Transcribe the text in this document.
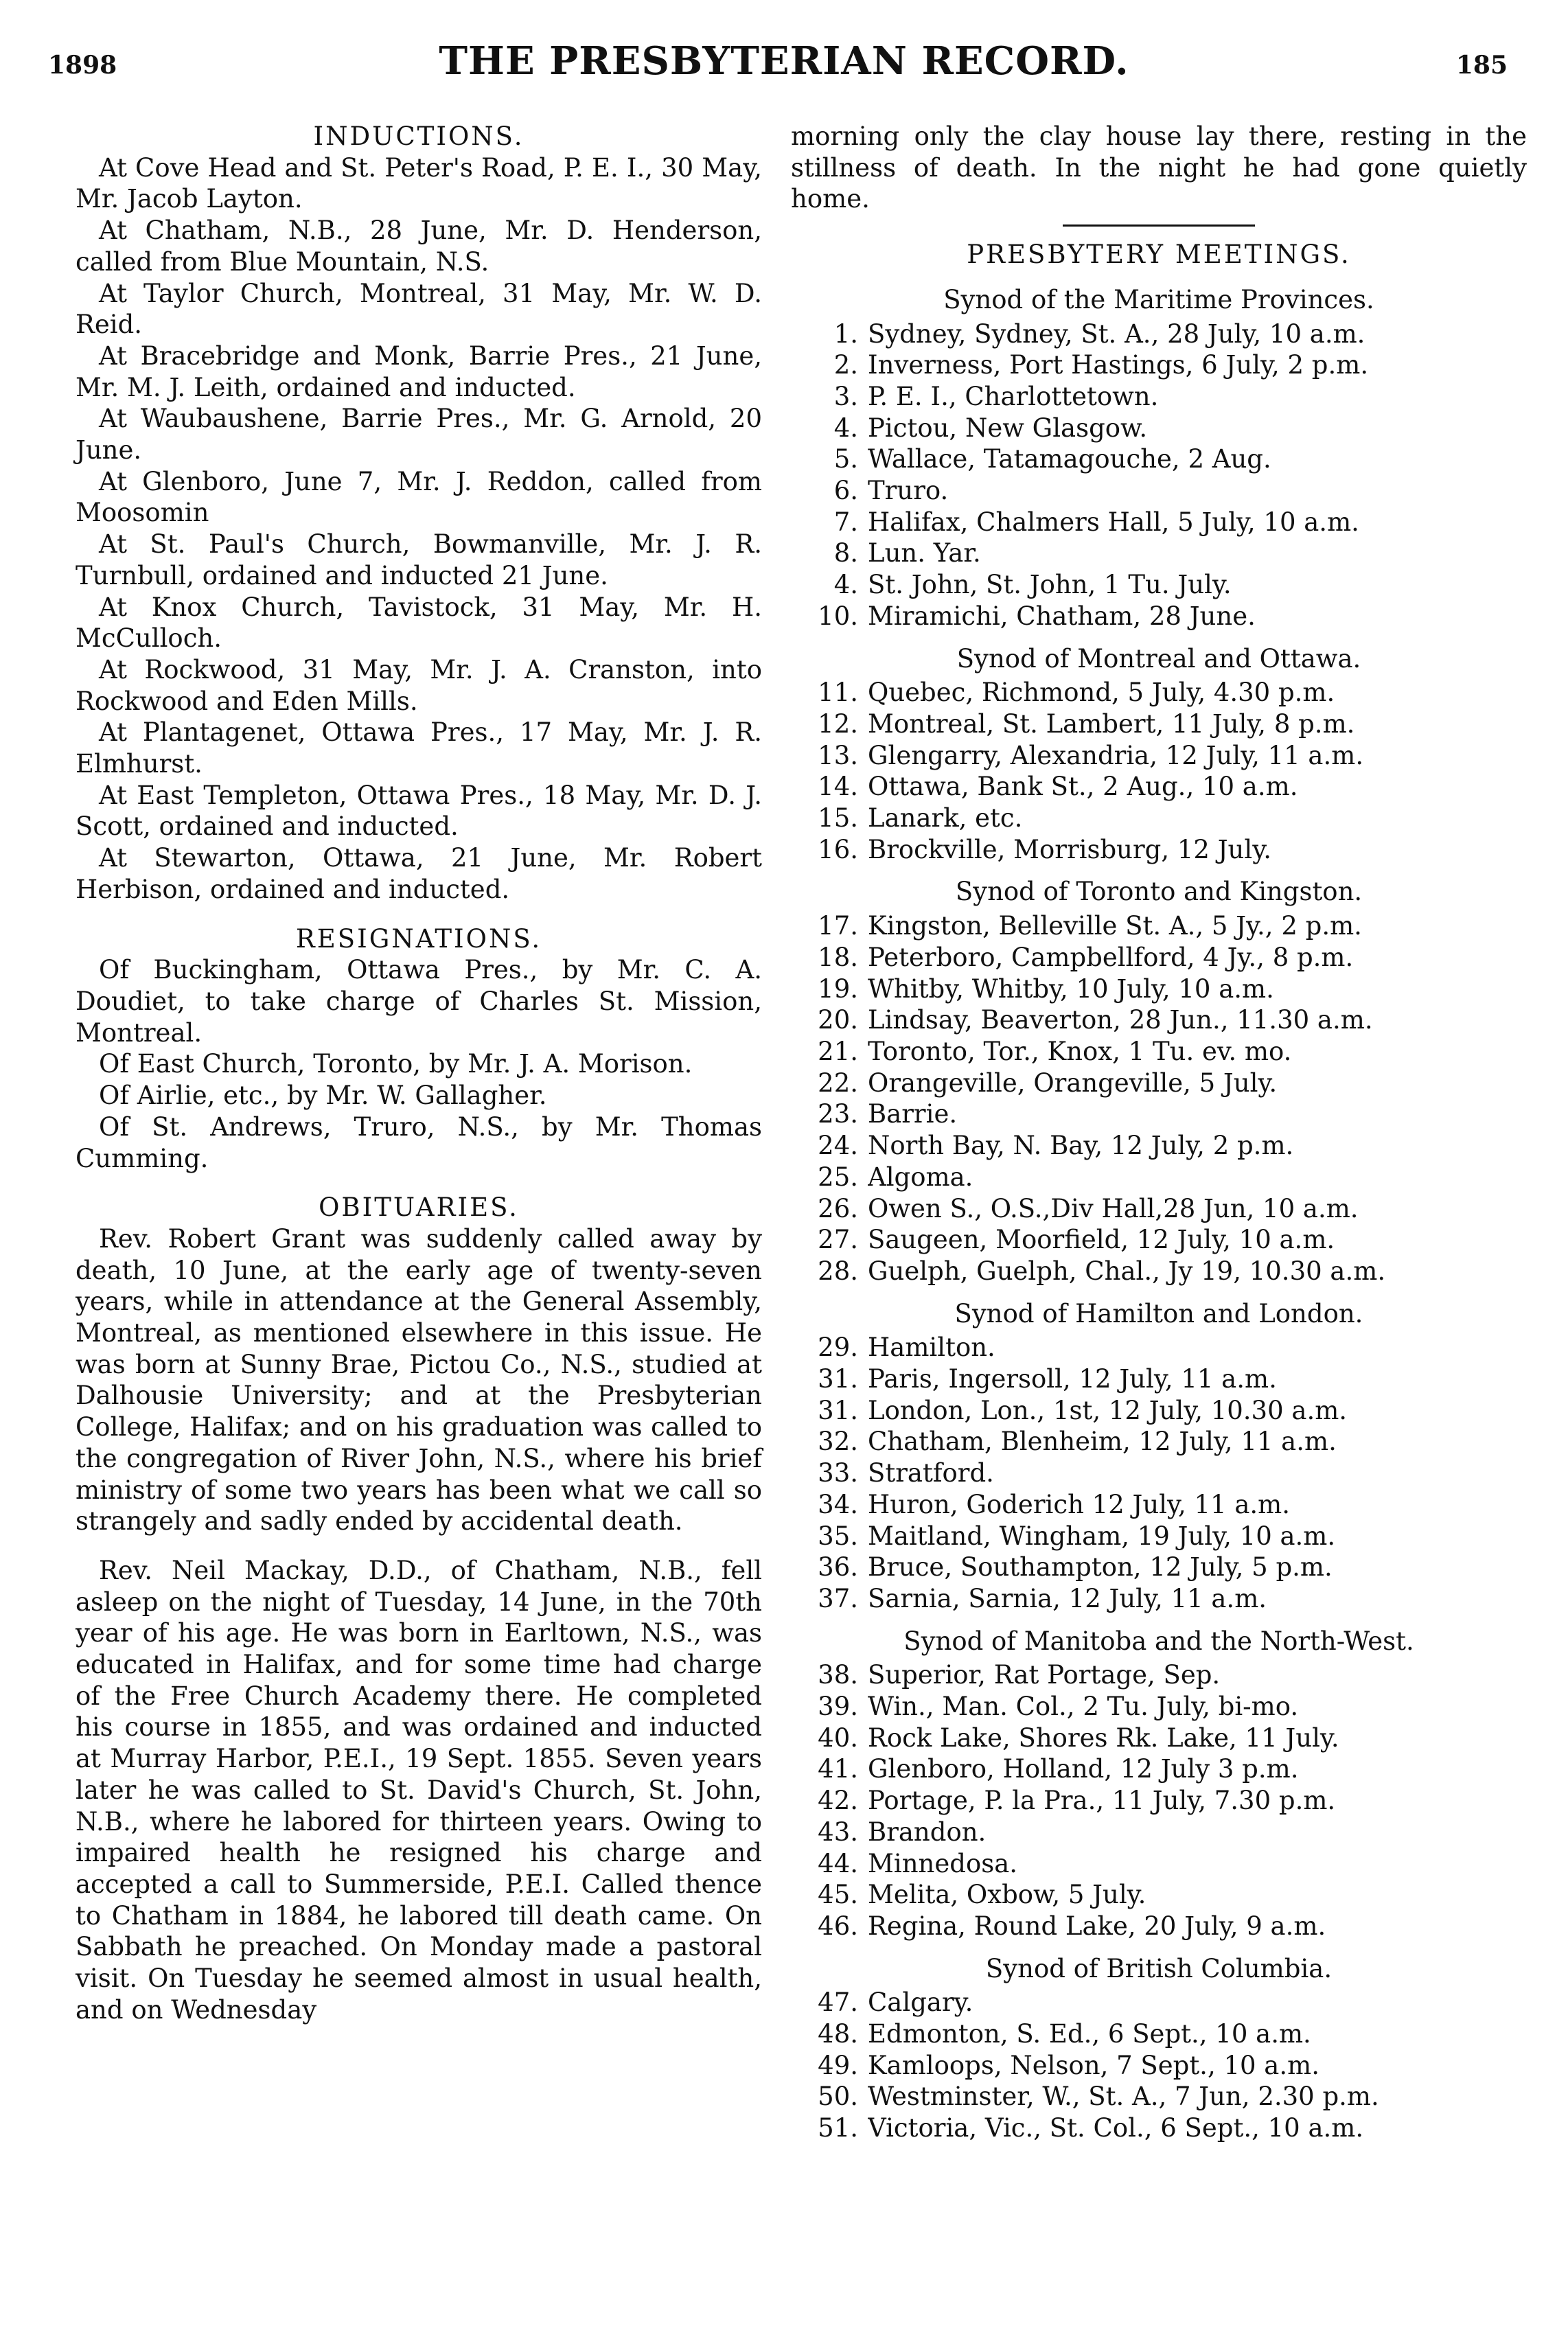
1898	THE PRESBYTERIAN RECORD.	185
INDUCTIONS.

At Cove Head and St. Peter's Road, P. E. I., 30 May, Mr. Jacob Layton.

At Chatham, N.B., 28 June, Mr. D. Henderson, called from Blue Mountain, N.S.

At Taylor Church, Montreal, 31 May, Mr. W. D. Reid.

At Bracebridge and Monk, Barrie Pres., 21 June, Mr. M. J. Leith, ordained and inducted.

At Waubaushene, Barrie Pres., Mr. G. Arnold, 20 June.

At Glenboro, June 7, Mr. J. Reddon, called from Moosomin

At St. Paul's Church, Bowmanville, Mr. J. R. Turnbull, ordained and inducted 21 June.

At Knox Church, Tavistock, 31 May, Mr. H. McCulloch.

At Rockwood, 31 May, Mr. J. A. Cranston, into Rockwood and Eden Mills.

At Plantagenet, Ottawa Pres., 17 May, Mr. J. R. Elmhurst.

At East Templeton, Ottawa Pres., 18 May, Mr. D. J. Scott, ordained and inducted.

At Stewarton, Ottawa, 21 June, Mr. Robert Herbison, ordained and inducted.

RESIGNATIONS.

Of Buckingham, Ottawa Pres., by Mr. C. A. Doudiet, to take charge of Charles St. Mission, Montreal.

Of East Church, Toronto, by Mr. J. A. Morison.

Of Airlie, etc., by Mr. W. Gallagher.

Of St. Andrews, Truro, N.S., by Mr. Thomas Cumming.

OBITUARIES.

Rev. Robert Grant was suddenly called away by death, 10 June, at the early age of twenty-seven years, while in attendance at the General Assembly, Montreal, as mentioned elsewhere in this issue. He was born at Sunny Brae, Pictou Co., N.S., studied at Dalhousie University; and at the Presbyterian College, Halifax; and on his graduation was called to the congregation of River John, N.S., where his brief ministry of some two years has been what we call so strangely and sadly ended by accidental death.

Rev. Neil Mackay, D.D., of Chatham, N.B., fell asleep on the night of Tuesday, 14 June, in the 70th year of his age. He was born in Earltown, N.S., was educated in Halifax, and for some time had charge of the Free Church Academy there. He completed his course in 1855, and was ordained and inducted at Murray Harbor, P.E.I., 19 Sept. 1855. Seven years later he was called to St. David's Church, St. John, N.B., where he labored for thirteen years. Owing to impaired health he resigned his charge and accepted a call to Summerside, P.E.I. Called thence to Chatham in 1884, he labored till death came. On Sabbath he preached. On Monday made a pastoral visit. On Tuesday he seemed almost in usual health, and on Wednesday

morning only the clay house lay there, resting in the stillness of death. In the night he had gone quietly home.

PRESBYTERY MEETINGS.
Synod of the Maritime Provinces.
1. Sydney, Sydney, St. A., 28 July, 10 a.m.
2. Inverness, Port Hastings, 6 July, 2 p.m.
3. P. E. I., Charlottetown.
4. Pictou, New Glasgow.
5. Wallace, Tatamagouche, 2 Aug.
6. Truro.
7. Halifax, Chalmers Hall, 5 July, 10 a.m.
8. Lun. Yar.
4. St. John, St. John, 1 Tu. July.
10. Miramichi, Chatham, 28 June.
Synod of Montreal and Ottawa.
11. Quebec, Richmond, 5 July, 4.30 p.m.
12. Montreal, St. Lambert, 11 July, 8 p.m.
13. Glengarry, Alexandria, 12 July, 11 a.m.
14. Ottawa, Bank St., 2 Aug., 10 a.m.
15. Lanark, etc.
16. Brockville, Morrisburg, 12 July.
Synod of Toronto and Kingston.
17. Kingston, Belleville St. A., 5 Jy., 2 p.m.
18. Peterboro, Campbellford, 4 Jy., 8 p.m.
19. Whitby, Whitby, 10 July, 10 a.m.
20. Lindsay, Beaverton, 28 Jun., 11.30 a.m.
21. Toronto, Tor., Knox, 1 Tu. ev. mo.
22. Orangeville, Orangeville, 5 July.
23. Barrie.
24. North Bay, N. Bay, 12 July, 2 p.m.
25. Algoma.
26. Owen S., O.S.,Div Hall,28 Jun, 10 a.m.
27. Saugeen, Moorfield, 12 July, 10 a.m.
28. Guelph, Guelph, Chal., Jy 19, 10.30 a.m.
Synod of Hamilton and London.
29. Hamilton.
31. Paris, Ingersoll, 12 July, 11 a.m.
31. London, Lon., 1st, 12 July, 10.30 a.m.
32. Chatham, Blenheim, 12 July, 11 a.m.
33. Stratford.
34. Huron, Goderich 12 July, 11 a.m.
35. Maitland, Wingham, 19 July, 10 a.m.
36. Bruce, Southampton, 12 July, 5 p.m.
37. Sarnia, Sarnia, 12 July, 11 a.m.
Synod of Manitoba and the North-West.
38. Superior, Rat Portage, Sep.
39. Win., Man. Col., 2 Tu. July, bi-mo.
40. Rock Lake, Shores Rk. Lake, 11 July.
41. Glenboro, Holland, 12 July 3 p.m.
42. Portage, P. la Pra., 11 July, 7.30 p.m.
43. Brandon.
44. Minnedosa.
45. Melita, Oxbow, 5 July.
46. Regina, Round Lake, 20 July, 9 a.m.
Synod of British Columbia.
47. Calgary.
48. Edmonton, S. Ed., 6 Sept., 10 a.m.
49. Kamloops, Nelson, 7 Sept., 10 a.m.
50. Westminster, W., St. A., 7 Jun, 2.30 p.m.
51. Victoria, Vic., St. Col., 6 Sept., 10 a.m.
